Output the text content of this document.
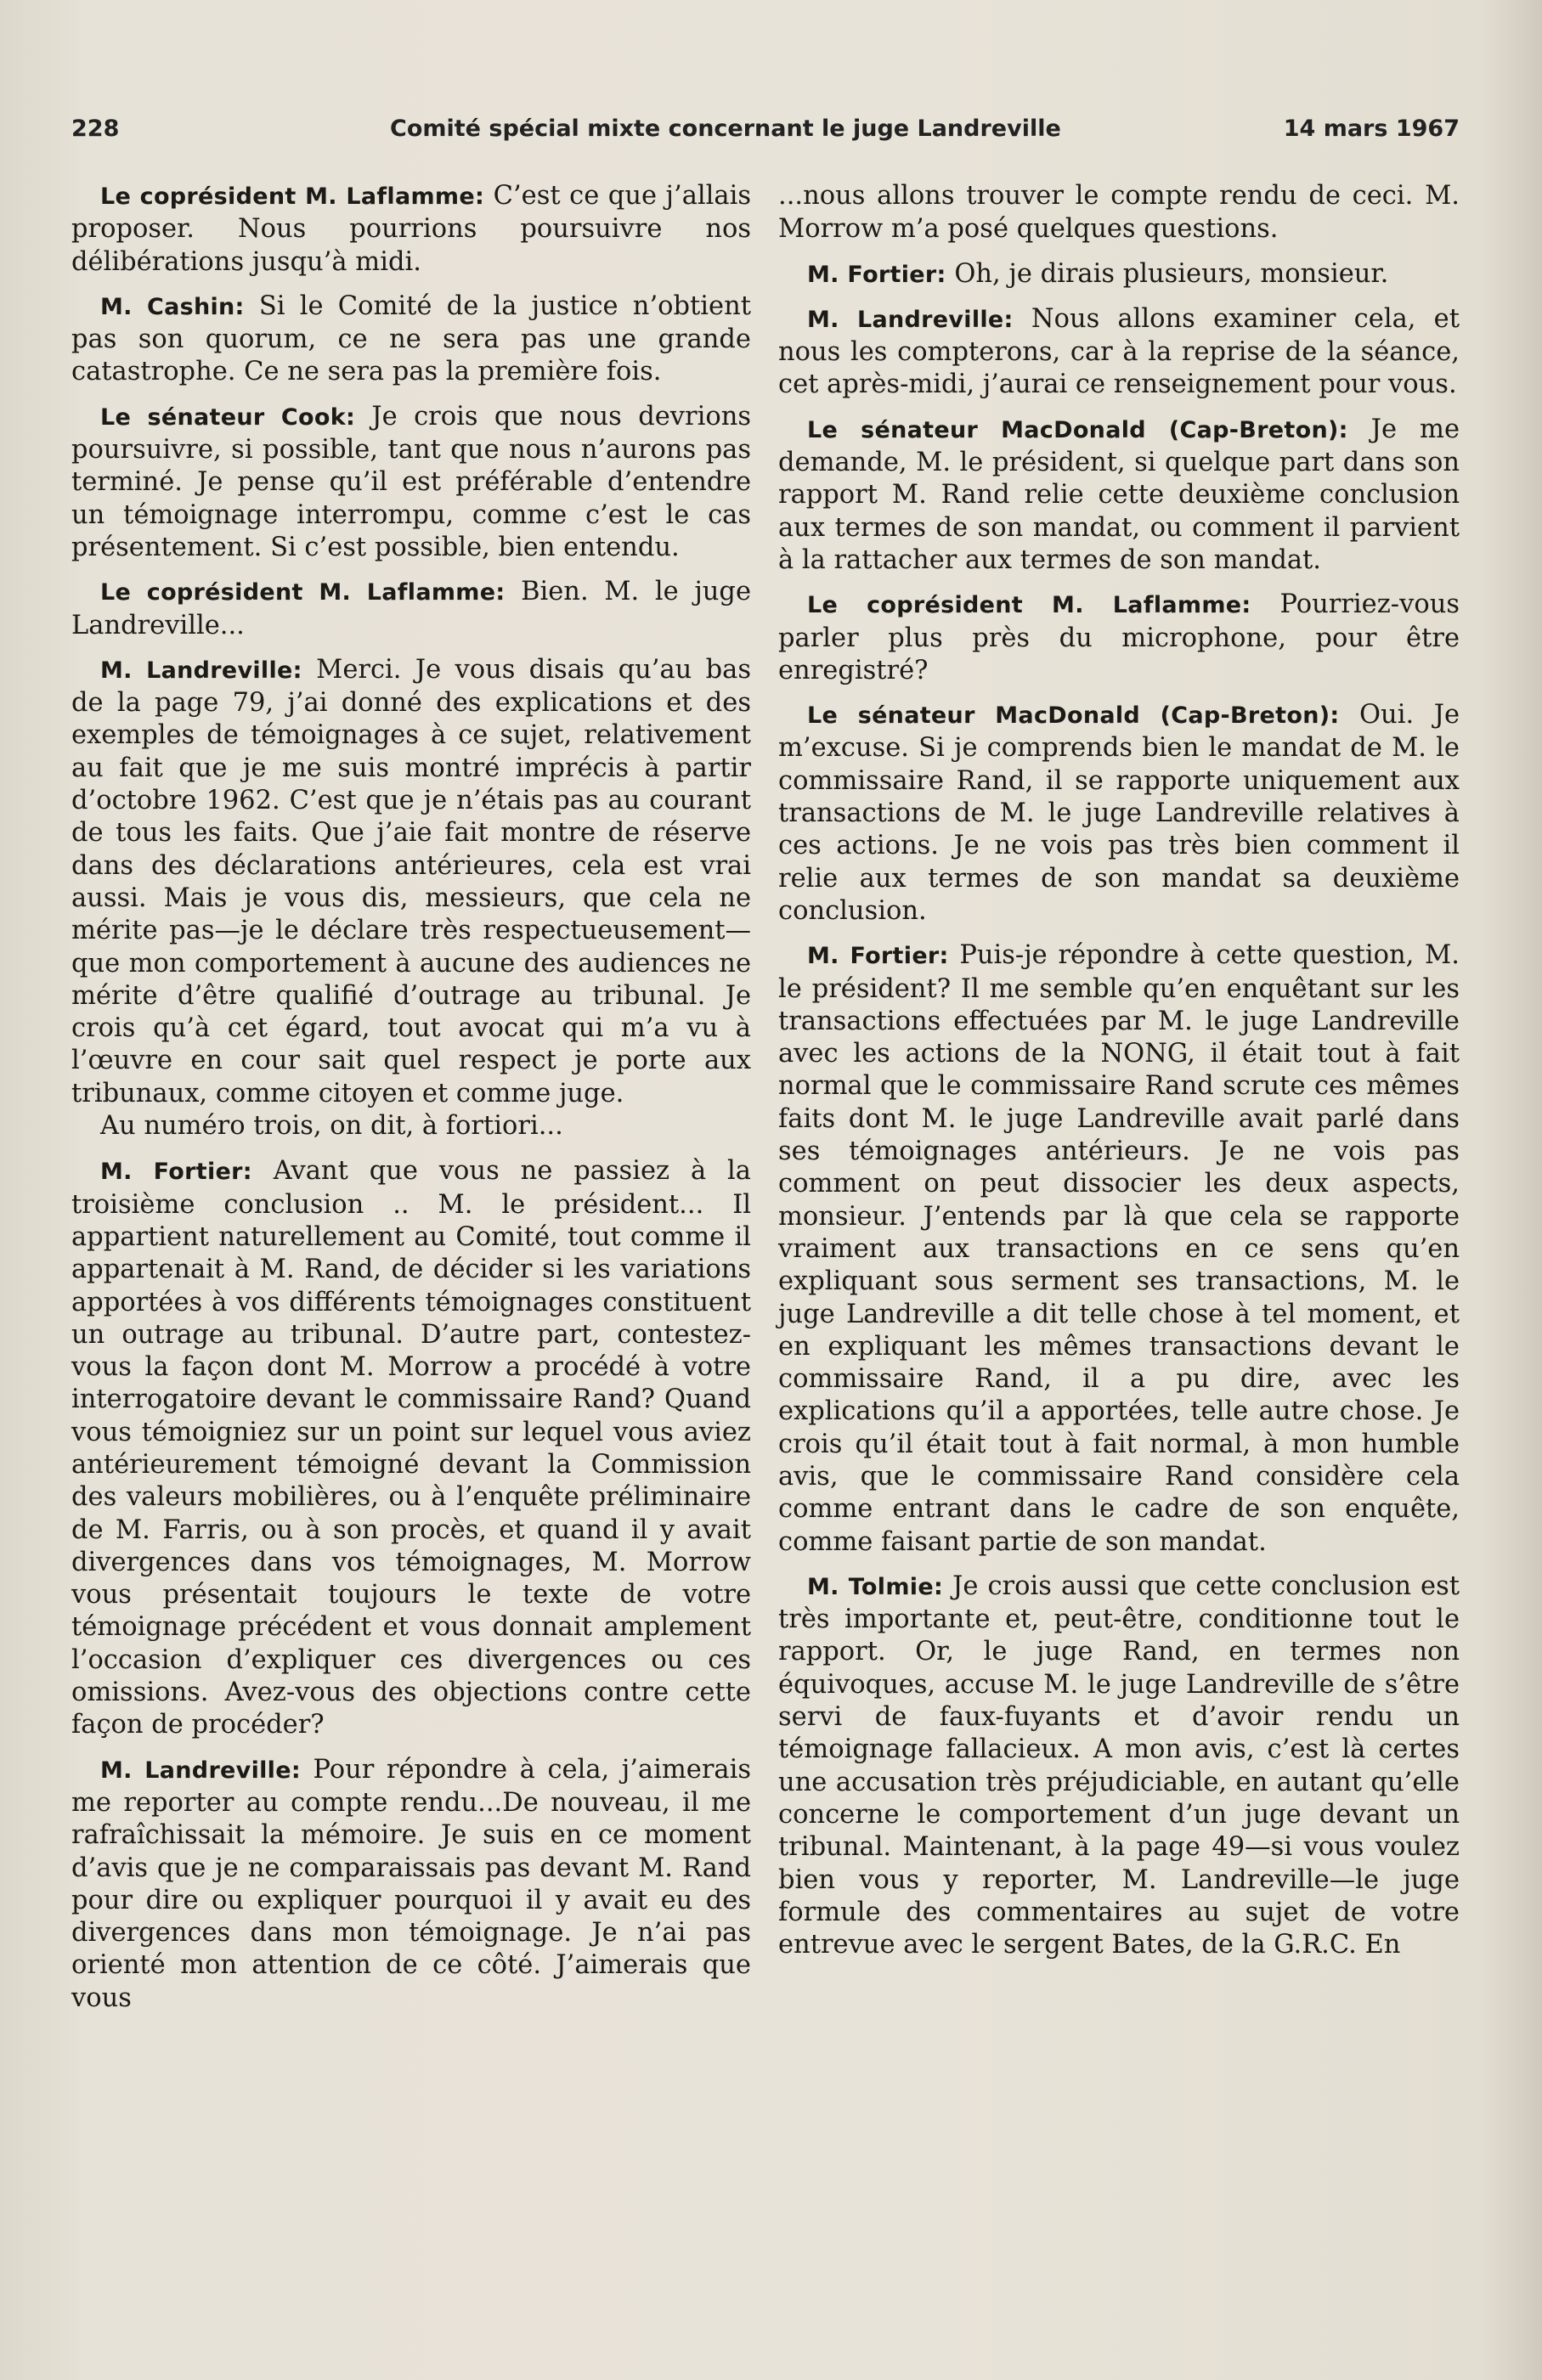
228	Comité spécial mixte concernant le juge Landreville	14 mars 1967

Le coprésident M. Laflamme: C’est ce que j’allais proposer. Nous pourrions poursuivre nos délibérations jusqu’à midi.

M. Cashin: Si le Comité de la justice n’obtient pas son quorum, ce ne sera pas une grande catastrophe. Ce ne sera pas la première fois.

Le sénateur Cook: Je crois que nous devrions poursuivre, si possible, tant que nous n’aurons pas terminé. Je pense qu’il est préférable d’entendre un témoignage interrompu, comme c’est le cas présentement. Si c’est possible, bien entendu.

Le coprésident M. Laflamme: Bien. M. le juge Landreville...

M. Landreville: Merci. Je vous disais qu’au bas de la page 79, j’ai donné des explications et des exemples de témoignages à ce sujet, relativement au fait que je me suis montré imprécis à partir d’octobre 1962. C’est que je n’étais pas au courant de tous les faits. Que j’aie fait montre de réserve dans des déclarations antérieures, cela est vrai aussi. Mais je vous dis, messieurs, que cela ne mérite pas—je le déclare très respectueusement—que mon comportement à aucune des audiences ne mérite d’être qualifié d’outrage au tribunal. Je crois qu’à cet égard, tout avocat qui m’a vu à l’œuvre en cour sait quel respect je porte aux tribunaux, comme citoyen et comme juge.

Au numéro trois, on dit, à fortiori...

M. Fortier: Avant que vous ne passiez à la troisième conclusion .. M. le président... Il appartient naturellement au Comité, tout comme il appartenait à M. Rand, de décider si les variations apportées à vos différents témoignages constituent un outrage au tribunal. D’autre part, contestez-vous la façon dont M. Morrow a procédé à votre interrogatoire devant le commissaire Rand? Quand vous témoigniez sur un point sur lequel vous aviez antérieurement témoigné devant la Commission des valeurs mobilières, ou à l’enquête préliminaire de M. Farris, ou à son procès, et quand il y avait divergences dans vos témoignages, M. Morrow vous présentait toujours le texte de votre témoignage précédent et vous donnait amplement l’occasion d’expliquer ces divergences ou ces omissions. Avez-vous des objections contre cette façon de procéder?

M. Landreville: Pour répondre à cela, j’aimerais me reporter au compte rendu...De nouveau, il me rafraîchissait la mémoire. Je suis en ce moment d’avis que je ne comparaissais pas devant M. Rand pour dire ou expliquer pourquoi il y avait eu des divergences dans mon témoignage. Je n’ai pas orienté mon attention de ce côté. J’aimerais que vous

...nous allons trouver le compte rendu de ceci. M. Morrow m’a posé quelques questions.

M. Fortier: Oh, je dirais plusieurs, monsieur.

M. Landreville: Nous allons examiner cela, et nous les compterons, car à la reprise de la séance, cet après-midi, j’aurai ce renseignement pour vous.

Le sénateur MacDonald (Cap-Breton): Je me demande, M. le président, si quelque part dans son rapport M. Rand relie cette deuxième conclusion aux termes de son mandat, ou comment il parvient à la rattacher aux termes de son mandat.

Le coprésident M. Laflamme: Pourriez-vous parler plus près du microphone, pour être enregistré?

Le sénateur MacDonald (Cap-Breton): Oui. Je m’excuse. Si je comprends bien le mandat de M. le commissaire Rand, il se rapporte uniquement aux transactions de M. le juge Landreville relatives à ces actions. Je ne vois pas très bien comment il relie aux termes de son mandat sa deuxième conclusion.

M. Fortier: Puis-je répondre à cette question, M. le président? Il me semble qu’en enquêtant sur les transactions effectuées par M. le juge Landreville avec les actions de la NONG, il était tout à fait normal que le commissaire Rand scrute ces mêmes faits dont M. le juge Landreville avait parlé dans ses témoignages antérieurs. Je ne vois pas comment on peut dissocier les deux aspects, monsieur. J’entends par là que cela se rapporte vraiment aux transactions en ce sens qu’en expliquant sous serment ses transactions, M. le juge Landreville a dit telle chose à tel moment, et en expliquant les mêmes transactions devant le commissaire Rand, il a pu dire, avec les explications qu’il a apportées, telle autre chose. Je crois qu’il était tout à fait normal, à mon humble avis, que le commissaire Rand considère cela comme entrant dans le cadre de son enquête, comme faisant partie de son mandat.

M. Tolmie: Je crois aussi que cette conclusion est très importante et, peut-être, conditionne tout le rapport. Or, le juge Rand, en termes non équivoques, accuse M. le juge Landreville de s’être servi de faux-fuyants et d’avoir rendu un témoignage fallacieux. A mon avis, c’est là certes une accusation très préjudiciable, en autant qu’elle concerne le comportement d’un juge devant un tribunal. Maintenant, à la page 49—si vous voulez bien vous y reporter, M. Landreville—le juge formule des commentaires au sujet de votre entrevue avec le sergent Bates, de la G.R.C. En
